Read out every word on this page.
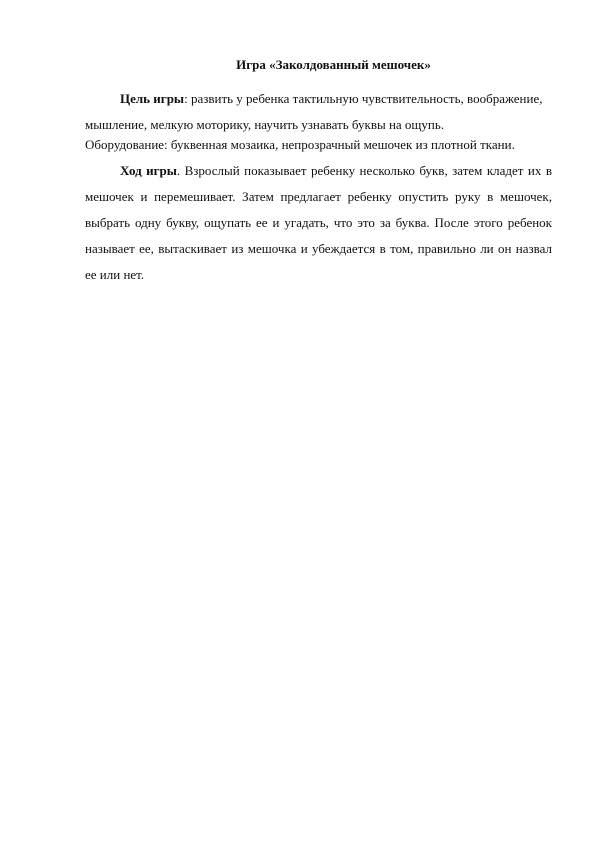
Игра «Заколдованный мешочек»

Цель игры: развить у ребенка тактильную чувствительность, воображение, мышление, мелкую моторику, научить узнавать буквы на ощупь.

Оборудование: буквенная мозаика, непрозрачный мешочек из плотной ткани.

Ход игры. Взрослый показывает ребенку несколько букв, затем кладет их в мешочек и перемешивает. Затем предлагает ребенку опустить руку в мешочек, выбрать одну букву, ощупать ее и угадать, что это за буква. После этого ребенок называет ее, вытаскивает из мешочка и убеждается в том, правильно ли он назвал ее или нет.
